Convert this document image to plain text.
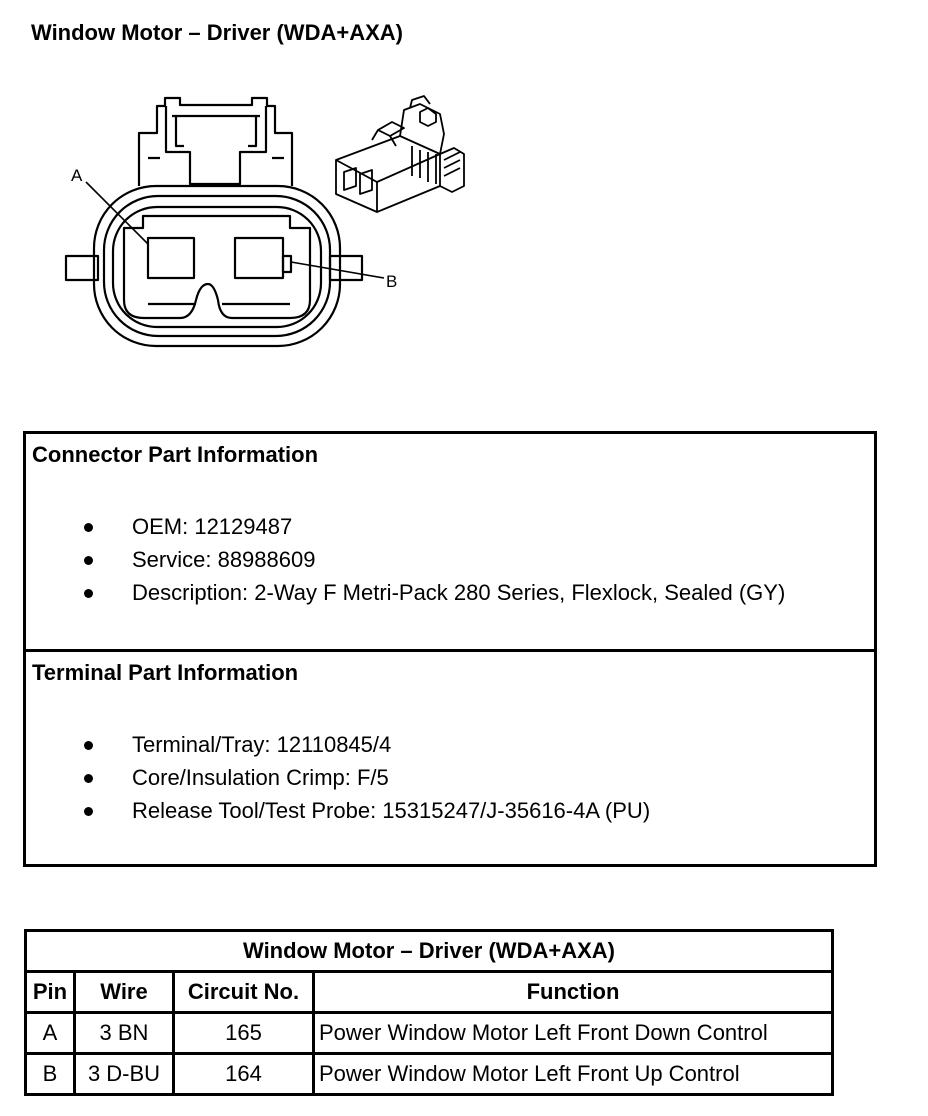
Window Motor – Driver (WDA+AXA)
A
B
Connector Part Information
OEM: 12129487
Service: 88988609
Description: 2-Way F Metri-Pack 280 Series, Flexlock, Sealed (GY)
Terminal Part Information
Terminal/Tray: 12110845/4
Core/Insulation Crimp: F/5
Release Tool/Test Probe: 15315247/J-35616-4A (PU)
Window Motor – Driver (WDA+AXA)			
Pin	Wire	Circuit No.	Function
A	3 BN	165	Power Window Motor Left Front Down Control
B	3 D-BU	164	Power Window Motor Left Front Up Control
